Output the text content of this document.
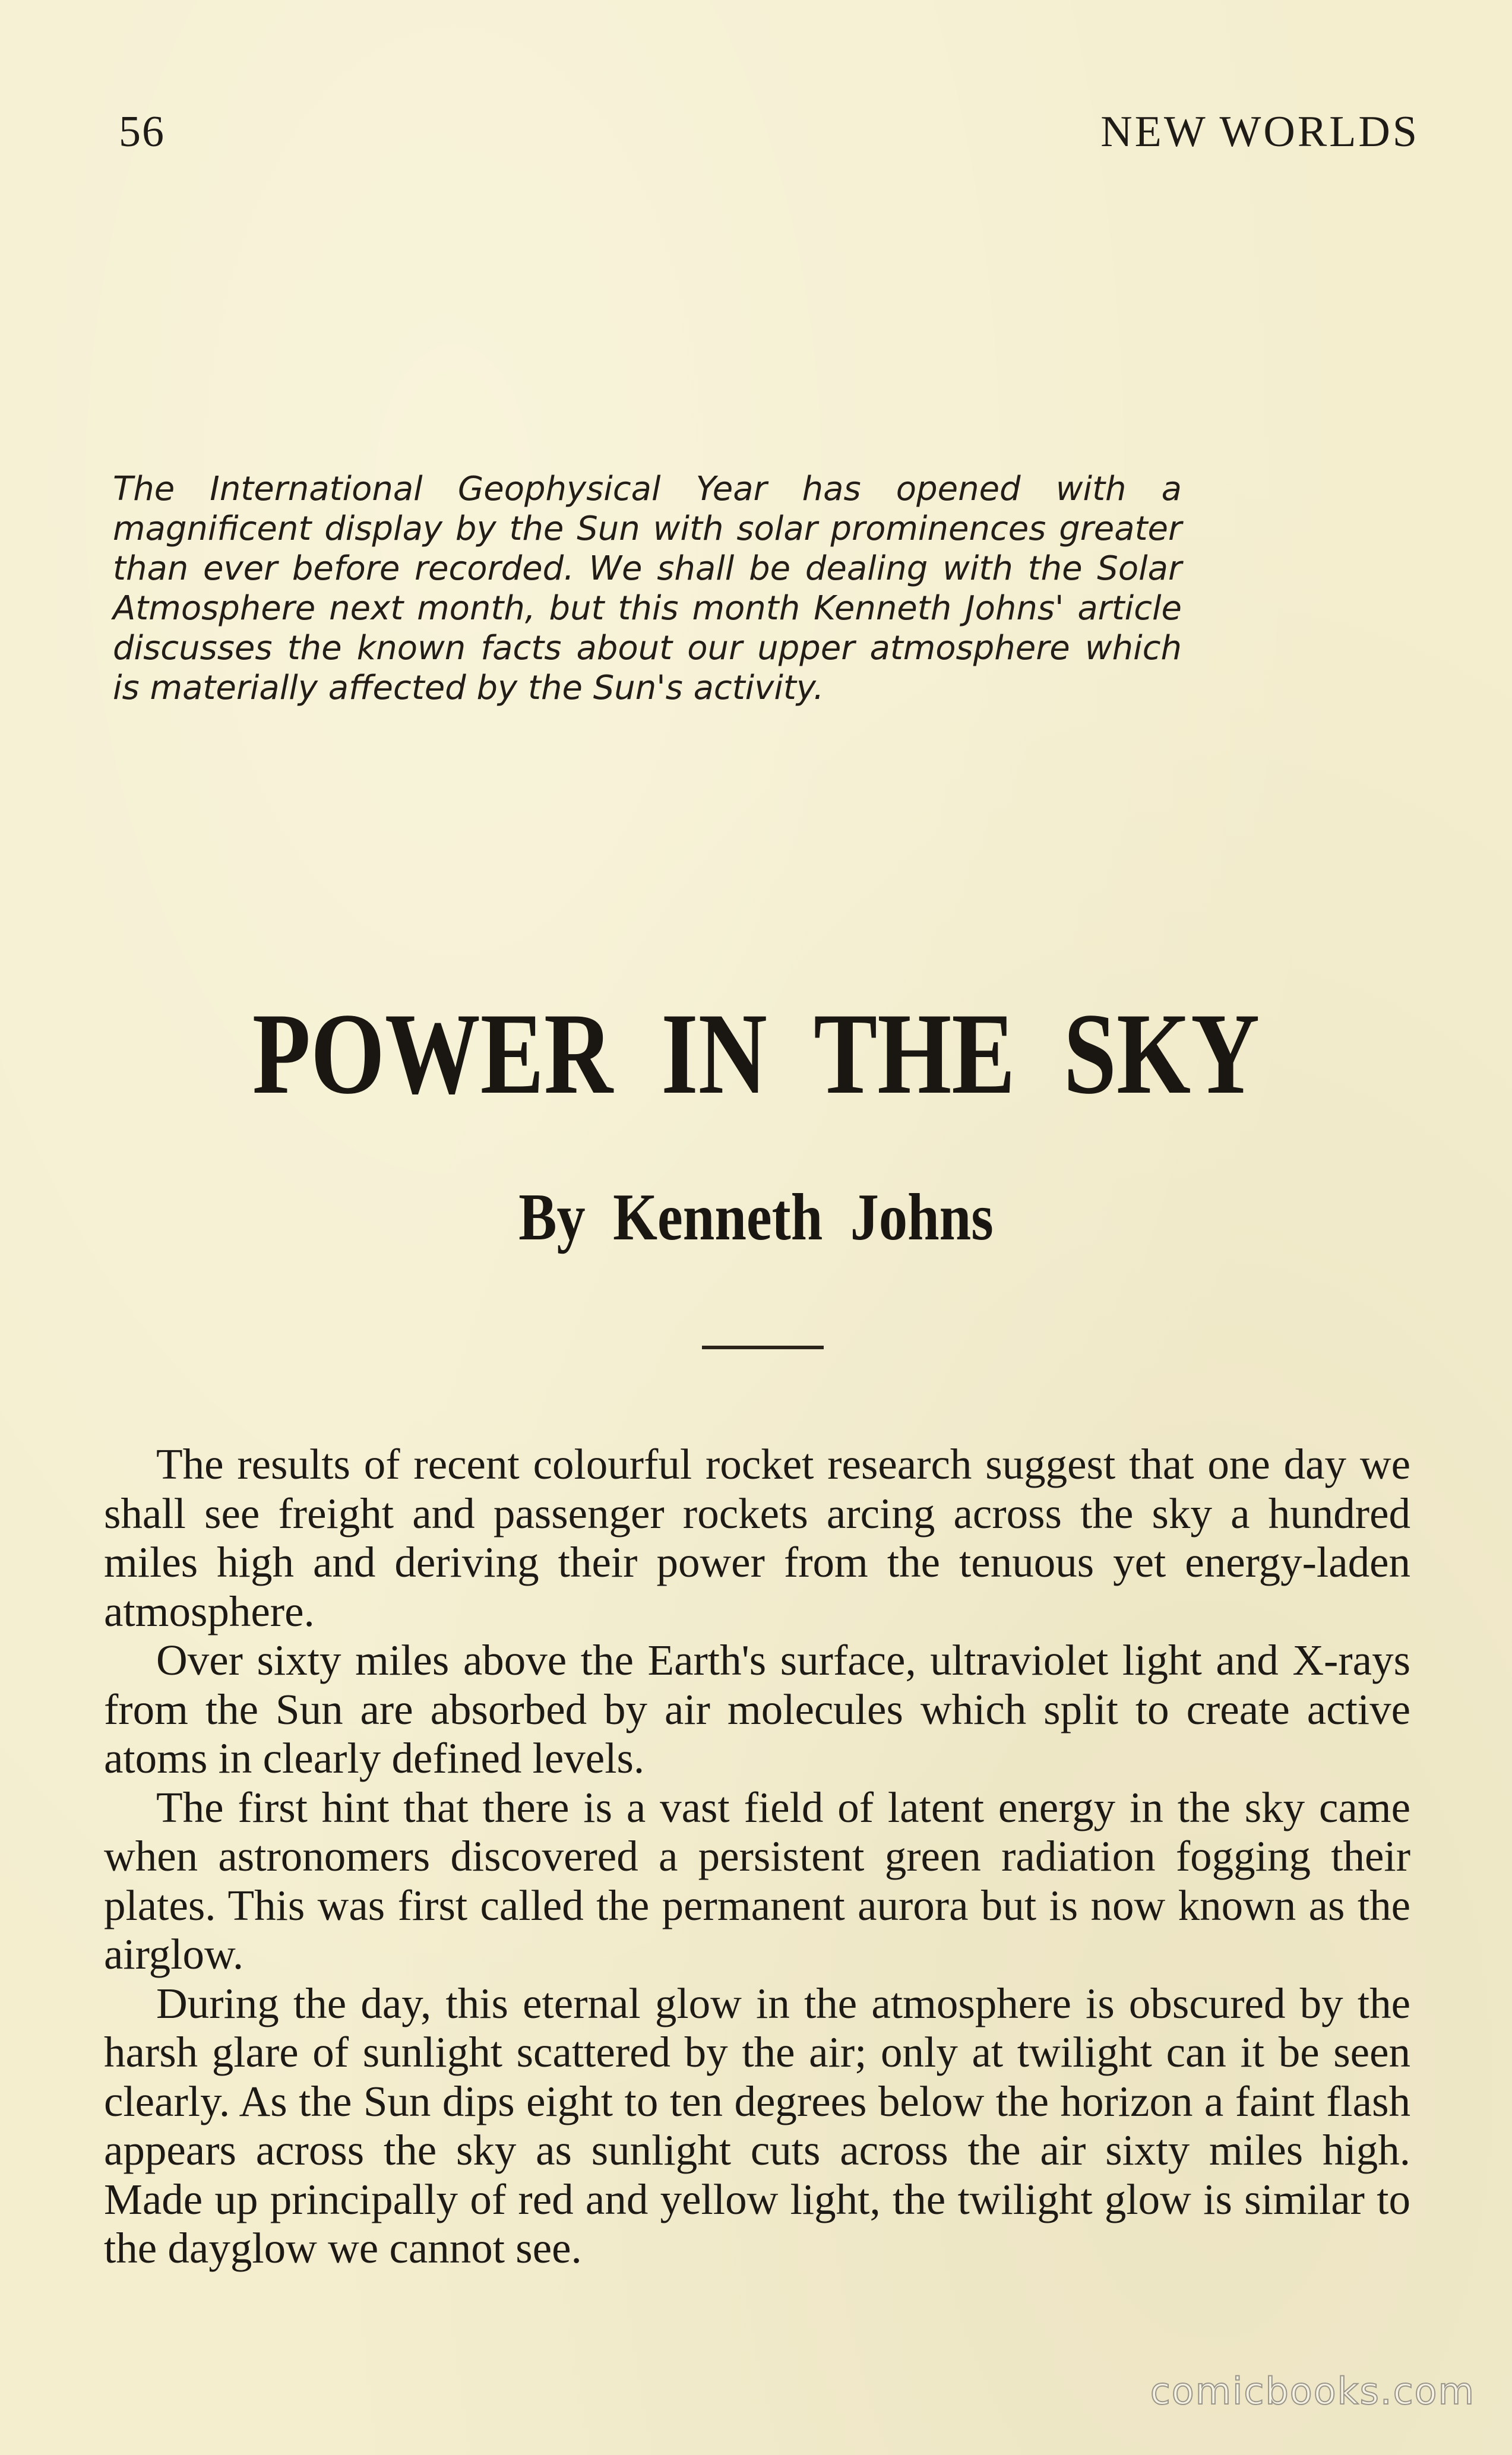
56	NEW WORLDS
The International Geophysical Year has opened with a magnificent display by the Sun with solar prominences greater than ever before recorded. We shall be dealing with the Solar Atmosphere next month, but this month Kenneth Johns' article discusses the known facts about our upper atmosphere which is materially affected by the Sun's activity.
POWER IN THE SKY
By Kenneth Johns

The results of recent colourful rocket research suggest that one day we shall see freight and passenger rockets arcing across the sky a hundred miles high and deriving their power from the tenuous yet energy-laden atmosphere.

Over sixty miles above the Earth's surface, ultraviolet light and X-rays from the Sun are absorbed by air molecules which split to create active atoms in clearly defined levels.

The first hint that there is a vast field of latent energy in the sky came when astronomers discovered a persistent green radiation fogging their plates. This was first called the permanent aurora but is now known as the airglow.

During the day, this eternal glow in the atmosphere is obscured by the harsh glare of sunlight scattered by the air; only at twilight can it be seen clearly. As the Sun dips eight to ten degrees below the horizon a faint flash appears across the sky as sunlight cuts across the air sixty miles high. Made up principally of red and yellow light, the twilight glow is similar to the dayglow we cannot see.

comicbooks.com
